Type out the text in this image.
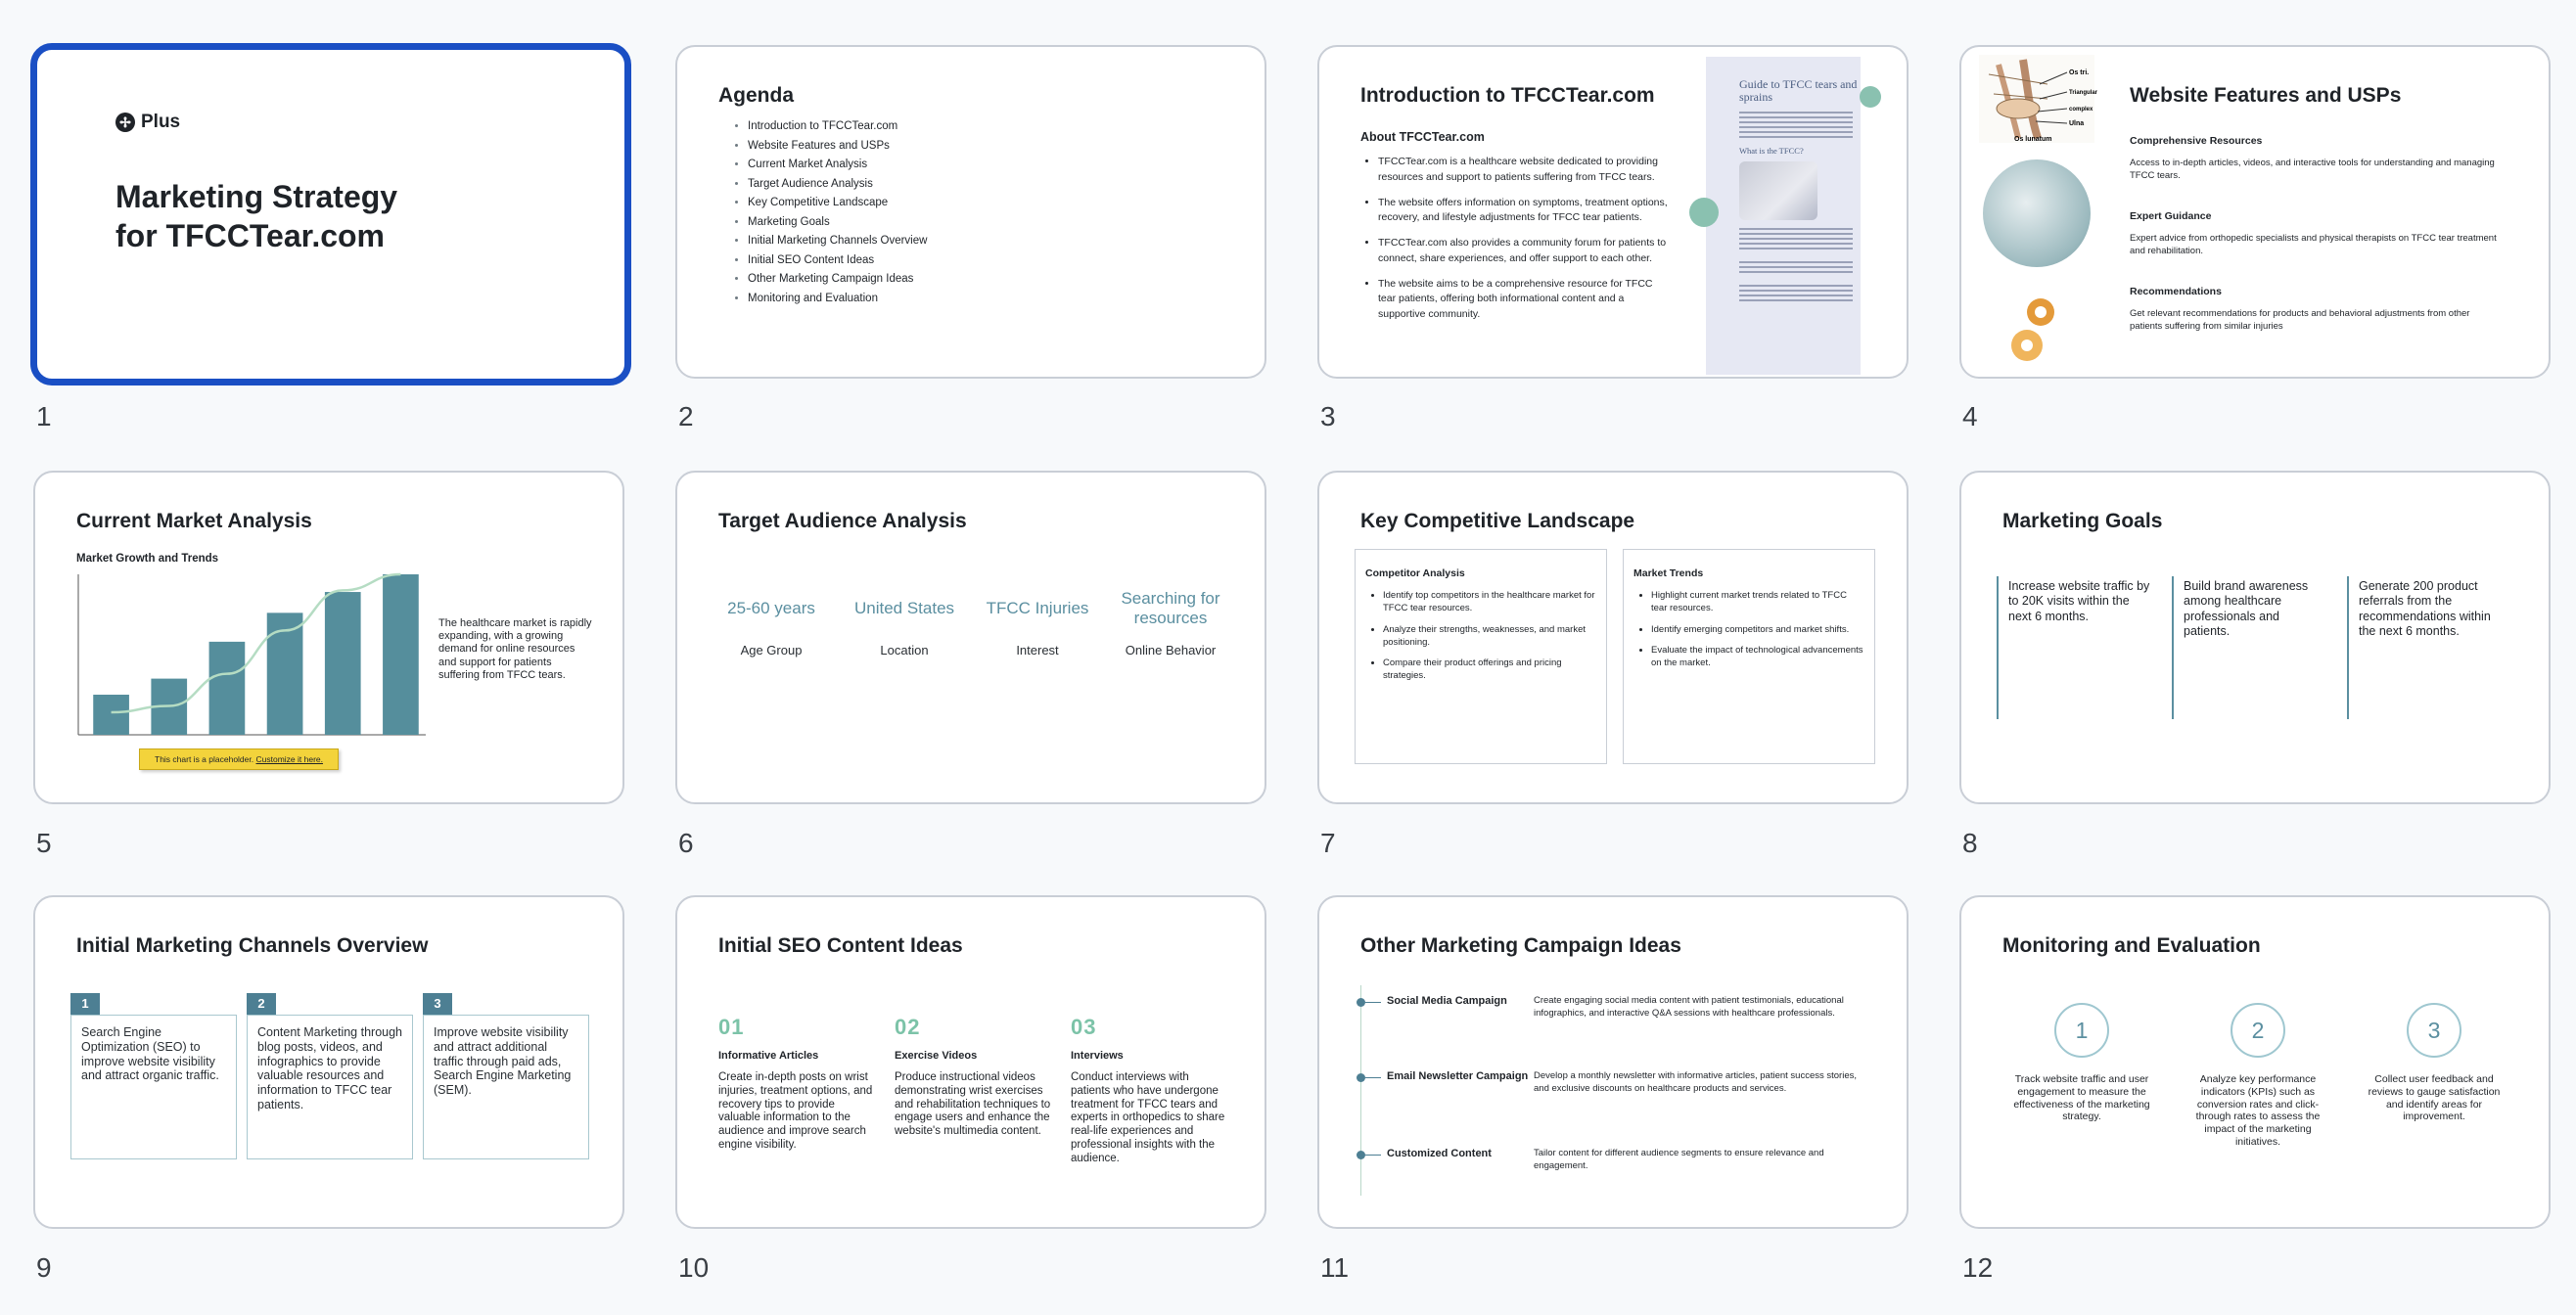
✢ Plus
Marketing Strategy
for TFCCTear.com
1
Agenda
• Introduction to TFCCTear.com
• Website Features and USPs
• Current Market Analysis
• Target Audience Analysis
• Key Competitive Landscape
• Marketing Goals
• Initial Marketing Channels Overview
• Initial SEO Content Ideas
• Other Marketing Campaign Ideas
• Monitoring and Evaluation
2
Introduction to TFCCTear.com
About TFCCTear.com
• TFCCTear.com is a healthcare website dedicated to providing resources and support to patients suffering from TFCC tears.
• The website offers information on symptoms, treatment options, recovery, and lifestyle adjustments for TFCC tear patients.
• TFCCTear.com also provides a community forum for patients to connect, share experiences, and offer support to each other.
• The website aims to be a comprehensive resource for TFCC tear patients, offering both informational content and a supportive community.
Guide to TFCC tears and sprains
What is the TFCC?
3
Os tri.
Triangular
complex
Ulna
Os lunatum
Website Features and USPs
Comprehensive Resources
Access to in-depth articles, videos, and interactive tools for understanding and managing TFCC tears.
Expert Guidance
Expert advice from orthopedic specialists and physical therapists on TFCC tear treatment and rehabilitation.
Recommendations
Get relevant recommendations for products and behavioral adjustments from other patients suffering from similar injuries
4
Current Market Analysis
Market Growth and Trends
This chart is a placeholder. Customize it here.
The healthcare market is rapidly expanding, with a growing demand for online resources and support for patients suffering from TFCC tears.
5
Target Audience Analysis
25-60 years
Age Group
United States
Location
TFCC Injuries
Interest
Searching for resources
Online Behavior
6
Key Competitive Landscape
Competitor Analysis
• Identify top competitors in the healthcare market for TFCC tear resources.
• Analyze their strengths, weaknesses, and market positioning.
• Compare their product offerings and pricing strategies.
Market Trends
• Highlight current market trends related to TFCC tear resources.
• Identify emerging competitors and market shifts.
• Evaluate the impact of technological advancements on the market.
7
Marketing Goals
Increase website traffic by to 20K visits within the next 6 months.
Build brand awareness among healthcare professionals and patients.
Generate 200 product referrals from the recommendations within the next 6 months.
8
Initial Marketing Channels Overview
1
Search Engine Optimization (SEO) to improve website visibility and attract organic traffic.
2
Content Marketing through blog posts, videos, and infographics to provide valuable resources and information to TFCC tear patients.
3
Improve website visibility and attract additional traffic through paid ads, Search Engine Marketing (SEM).
9
Initial SEO Content Ideas
01
Informative Articles
Create in-depth posts on wrist injuries, treatment options, and recovery tips to provide valuable information to the audience and improve search engine visibility.
02
Exercise Videos
Produce instructional videos demonstrating wrist exercises and rehabilitation techniques to engage users and enhance the website's multimedia content.
03
Interviews
Conduct interviews with patients who have undergone treatment for TFCC tears and experts in orthopedics to share real-life experiences and professional insights with the audience.
10
Other Marketing Campaign Ideas
Social Media Campaign	Create engaging social media content with patient testimonials, educational infographics, and interactive Q&A sessions with healthcare professionals.
Email Newsletter Campaign Develop a monthly newsletter with informative articles, patient success stories, and exclusive discounts on healthcare products and services.
Customized Content	Tailor content for different audience segments to ensure relevance and engagement.
11
Monitoring and Evaluation
1
Track website traffic and user engagement to measure the effectiveness of the marketing strategy.
2
Analyze key performance indicators (KPIs) such as conversion rates and click-through rates to assess the impact of the marketing initiatives.
3
Collect user feedback and reviews to gauge satisfaction and identify areas for improvement.
12
